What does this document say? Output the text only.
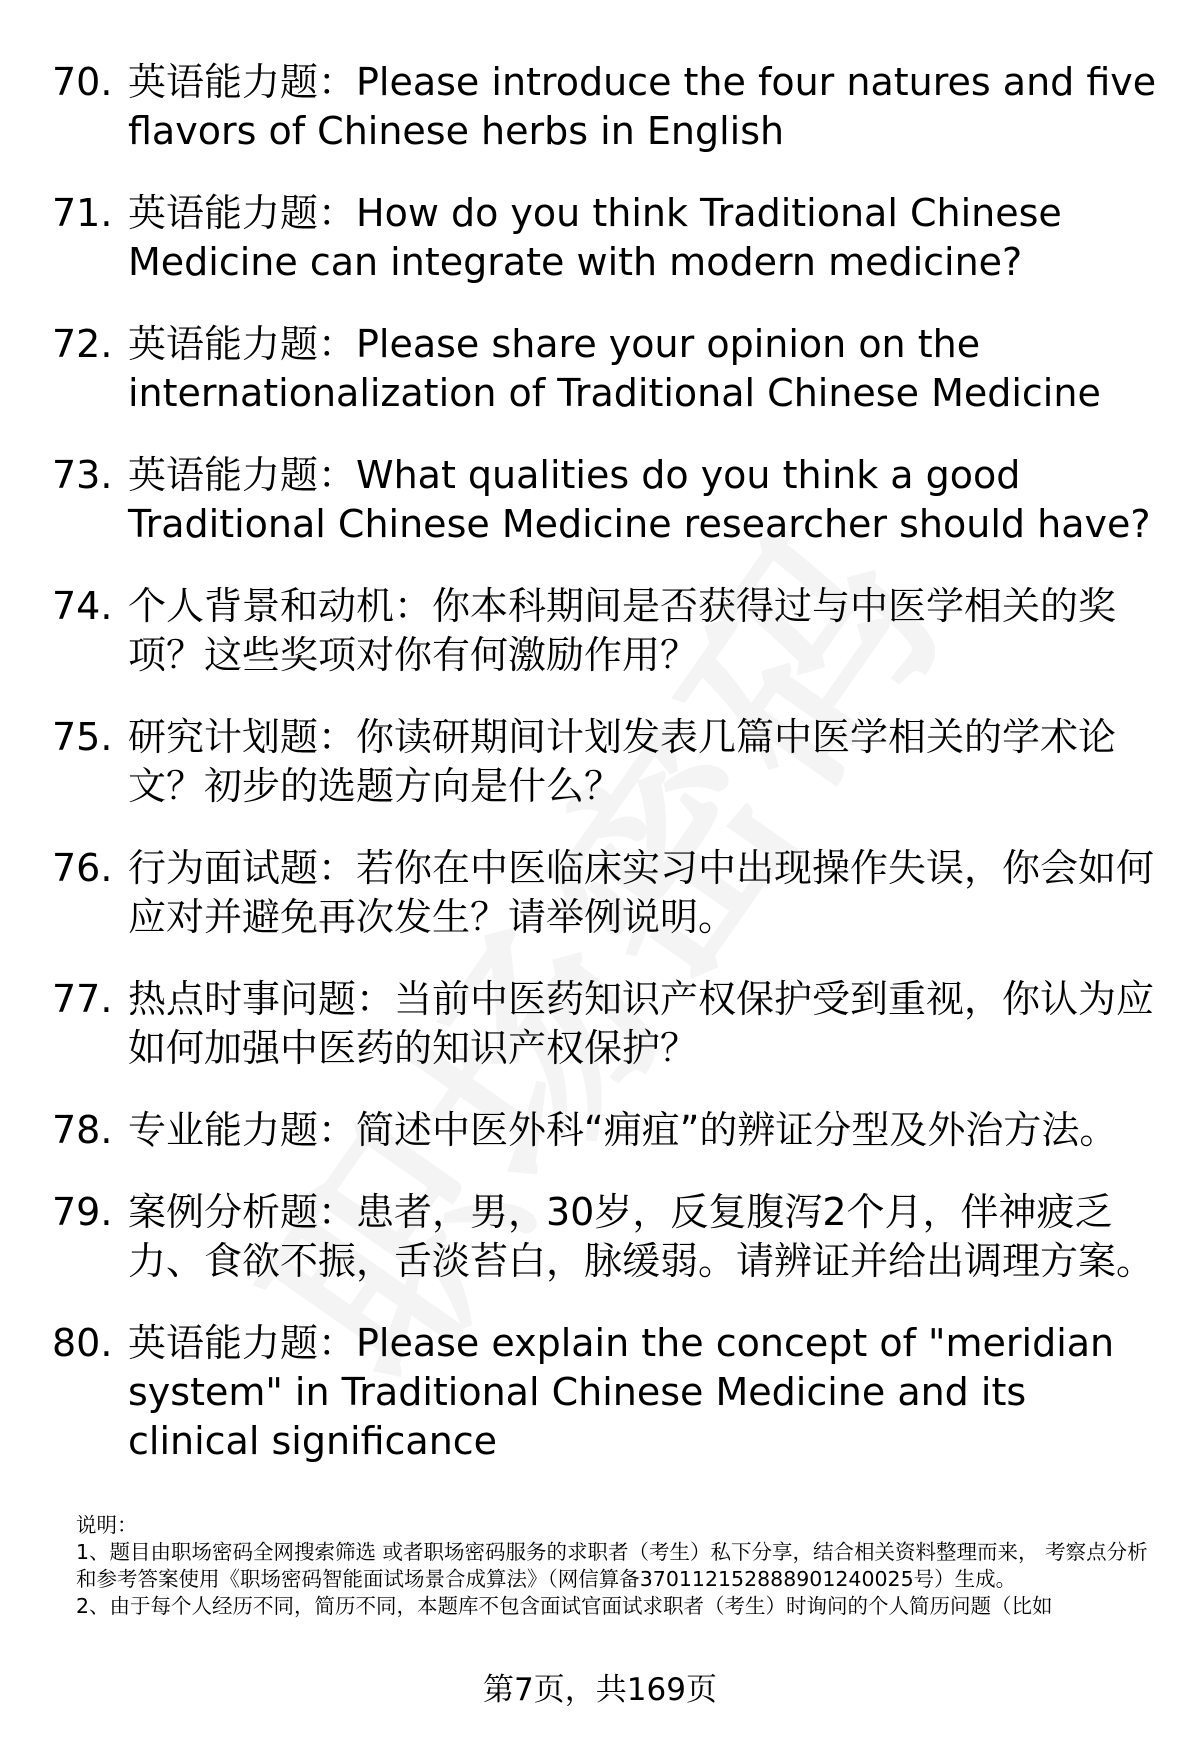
70. 英语能力题：Please introduce the four natures and five flavors of Chinese herbs in English
71. 英语能力题：How do you think Traditional Chinese Medicine can integrate with modern medicine?
72. 英语能力题：Please share your opinion on the internationalization of Traditional Chinese Medicine
73. 英语能力题：What qualities do you think a good Traditional Chinese Medicine researcher should have?
74. 个人背景和动机：你本科期间是否获得过与中医学相关的奖项？这些奖项对你有何激励作用？
75. 研究计划题：你读研期间计划发表几篇中医学相关的学术论文？初步的选题方向是什么？
76. 行为面试题：若你在中医临床实习中出现操作失误，你会如何应对并避免再次发生？请举例说明。
77. 热点时事问题：当前中医药知识产权保护受到重视，你认为应如何加强中医药的知识产权保护？
78. 专业能力题：简述中医外科“痈疽”的辨证分型及外治方法。
79. 案例分析题：患者，男，30岁，反复腹泻2个月，伴神疲乏力、食欲不振，舌淡苔白，脉缓弱。请辨证并给出调理方案。
80. 英语能力题：Please explain the concept of "meridian system" in Traditional Chinese Medicine and its clinical significance

说明：

1、题目由职场密码全网搜索筛选 或者职场密码服务的求职者（考生）私下分享，结合相关资料整理而来， 考察点分析和参考答案使用《职场密码智能面试场景合成算法》（网信算备370112152888901240025号）生成。

2、由于每个人经历不同，简历不同，本题库不包含面试官面试求职者（考生）时询问的个人简历问题（比如

第7页，共169页
